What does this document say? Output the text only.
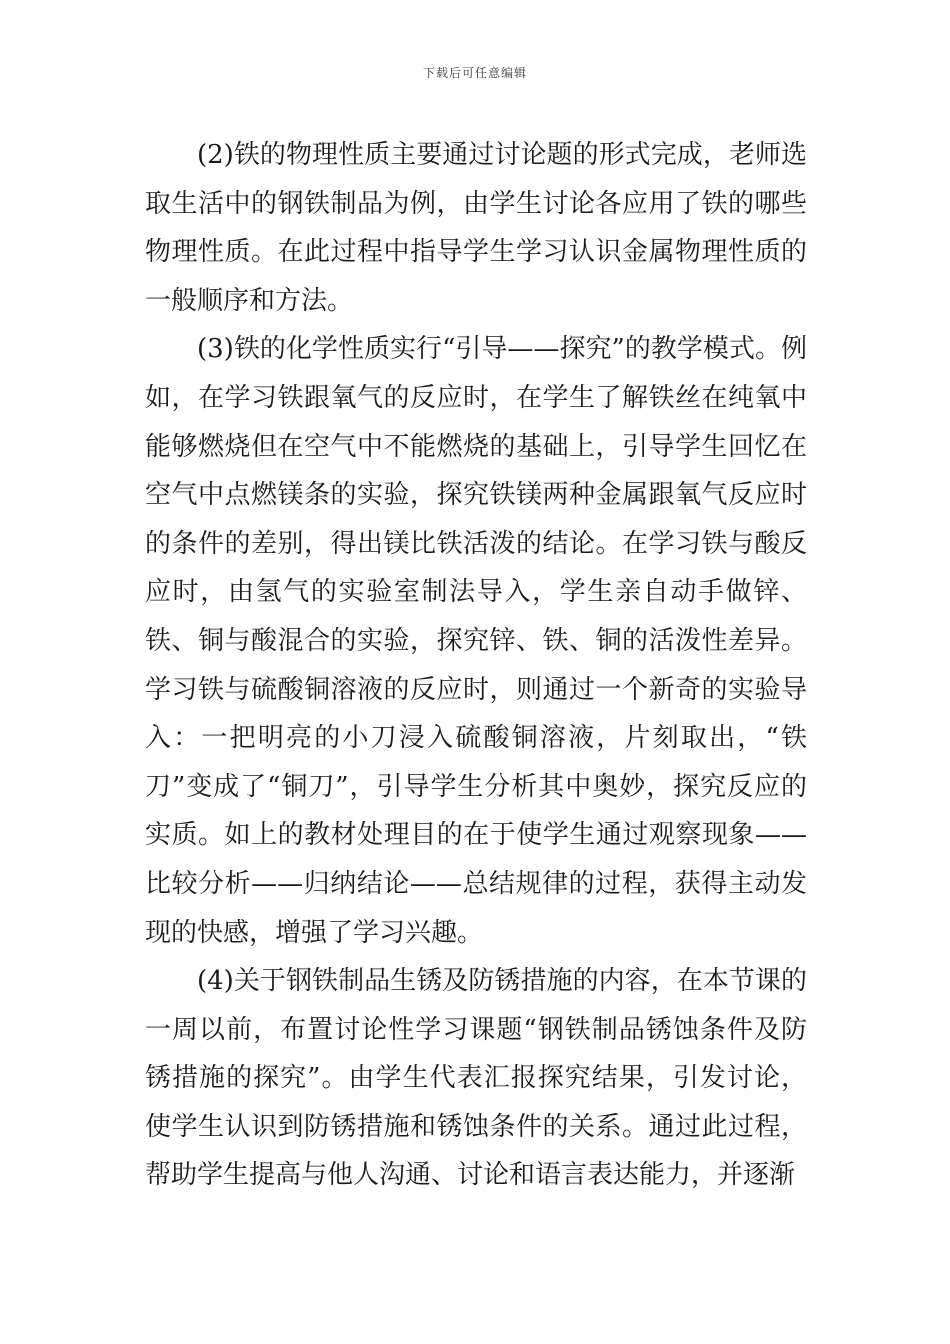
下载后可任意编辑

(2)铁的物理性质主要通过讨论题的形式完成，老师选取生活中的钢铁制品为例，由学生讨论各应用了铁的哪些物理性质。在此过程中指导学生学习认识金属物理性质的一般顺序和方法。

(3)铁的化学性质实行“引导——探究”的教学模式。例如，在学习铁跟氧气的反应时，在学生了解铁丝在纯氧中能够燃烧但在空气中不能燃烧的基础上，引导学生回忆在空气中点燃镁条的实验，探究铁镁两种金属跟氧气反应时的条件的差别，得出镁比铁活泼的结论。在学习铁与酸反应时，由氢气的实验室制法导入，学生亲自动手做锌、铁、铜与酸混合的实验，探究锌、铁、铜的活泼性差异。学习铁与硫酸铜溶液的反应时，则通过一个新奇的实验导入：一把明亮的小刀浸入硫酸铜溶液，片刻取出，“铁刀”变成了“铜刀”，引导学生分析其中奥妙，探究反应的实质。如上的教材处理目的在于使学生通过观察现象——比较分析——归纳结论——总结规律的过程，获得主动发现的快感，增强了学习兴趣。

(4)关于钢铁制品生锈及防锈措施的内容，在本节课的一周以前，布置讨论性学习课题“钢铁制品锈蚀条件及防锈措施的探究”。由学生代表汇报探究结果，引发讨论，使学生认识到防锈措施和锈蚀条件的关系。通过此过程，帮助学生提高与他人沟通、讨论和语言表达能力，并逐渐
